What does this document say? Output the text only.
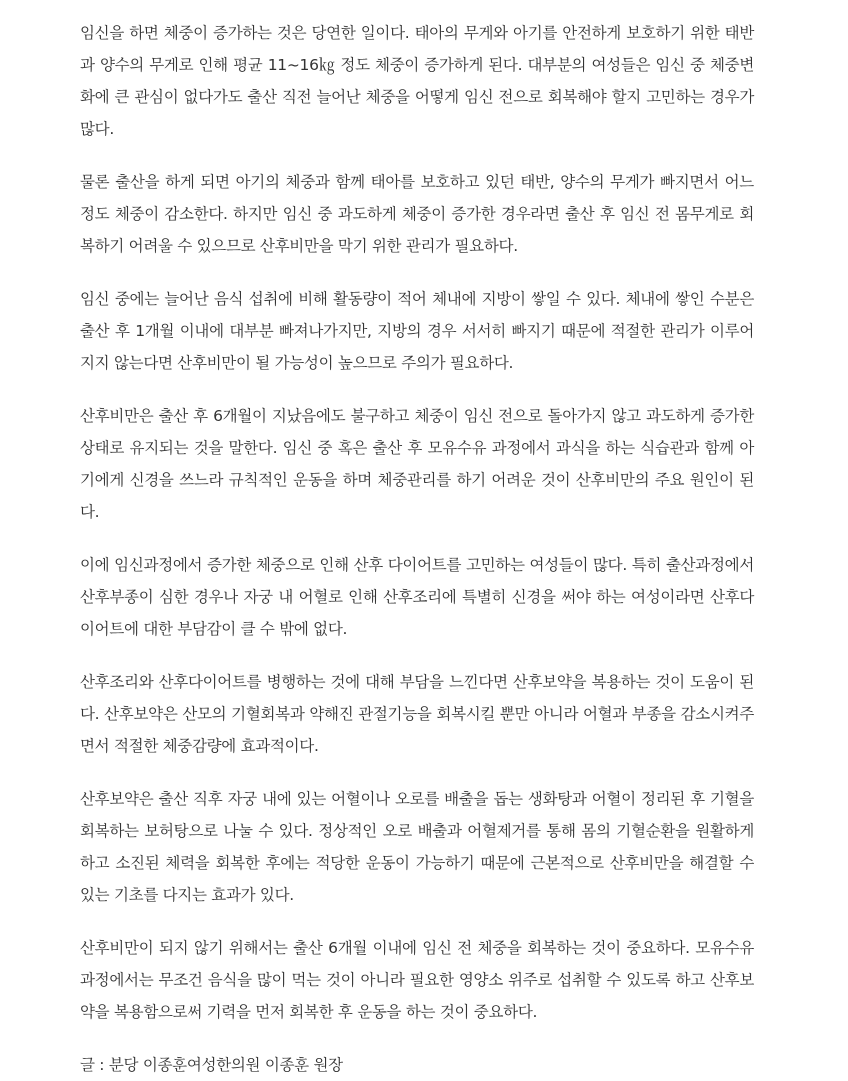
임신을 하면 체중이 증가하는 것은 당연한 일이다. 태아의 무게와 아기를 안전하게 보호하기 위한 태반과 양수의 무게로 인해 평균 11~16㎏ 정도 체중이 증가하게 된다. 대부분의 여성들은 임신 중 체중변화에 큰 관심이 없다가도 출산 직전 늘어난 체중을 어떻게 임신 전으로 회복해야 할지 고민하는 경우가 많다.

물론 출산을 하게 되면 아기의 체중과 함께 태아를 보호하고 있던 태반, 양수의 무게가 빠지면서 어느 정도 체중이 감소한다. 하지만 임신 중 과도하게 체중이 증가한 경우라면 출산 후 임신 전 몸무게로 회복하기 어려울 수 있으므로 산후비만을 막기 위한 관리가 필요하다.

임신 중에는 늘어난 음식 섭취에 비해 활동량이 적어 체내에 지방이 쌓일 수 있다. 체내에 쌓인 수분은 출산 후 1개월 이내에 대부분 빠져나가지만, 지방의 경우 서서히 빠지기 때문에 적절한 관리가 이루어지지 않는다면 산후비만이 될 가능성이 높으므로 주의가 필요하다.

산후비만은 출산 후 6개월이 지났음에도 불구하고 체중이 임신 전으로 돌아가지 않고 과도하게 증가한 상태로 유지되는 것을 말한다. 임신 중 혹은 출산 후 모유수유 과정에서 과식을 하는 식습관과 함께 아기에게 신경을 쓰느라 규칙적인 운동을 하며 체중관리를 하기 어려운 것이 산후비만의 주요 원인이 된다.

이에 임신과정에서 증가한 체중으로 인해 산후 다이어트를 고민하는 여성들이 많다. 특히 출산과정에서 산후부종이 심한 경우나 자궁 내 어혈로 인해 산후조리에 특별히 신경을 써야 하는 여성이라면 산후다이어트에 대한 부담감이 클 수 밖에 없다.

산후조리와 산후다이어트를 병행하는 것에 대해 부담을 느낀다면 산후보약을 복용하는 것이 도움이 된다. 산후보약은 산모의 기혈회복과 약해진 관절기능을 회복시킬 뿐만 아니라 어혈과 부종을 감소시켜주면서 적절한 체중감량에 효과적이다.

산후보약은 출산 직후 자궁 내에 있는 어혈이나 오로를 배출을 돕는 생화탕과 어혈이 정리된 후 기혈을 회복하는 보허탕으로 나눌 수 있다. 정상적인 오로 배출과 어혈제거를 통해 몸의 기혈순환을 원활하게 하고 소진된 체력을 회복한 후에는 적당한 운동이 가능하기 때문에 근본적으로 산후비만을 해결할 수 있는 기초를 다지는 효과가 있다.

산후비만이 되지 않기 위해서는 출산 6개월 이내에 임신 전 체중을 회복하는 것이 중요하다. 모유수유 과정에서는 무조건 음식을 많이 먹는 것이 아니라 필요한 영양소 위주로 섭취할 수 있도록 하고 산후보약을 복용함으로써 기력을 먼저 회복한 후 운동을 하는 것이 중요하다.

글 : 분당 이종훈여성한의원 이종훈 원장
